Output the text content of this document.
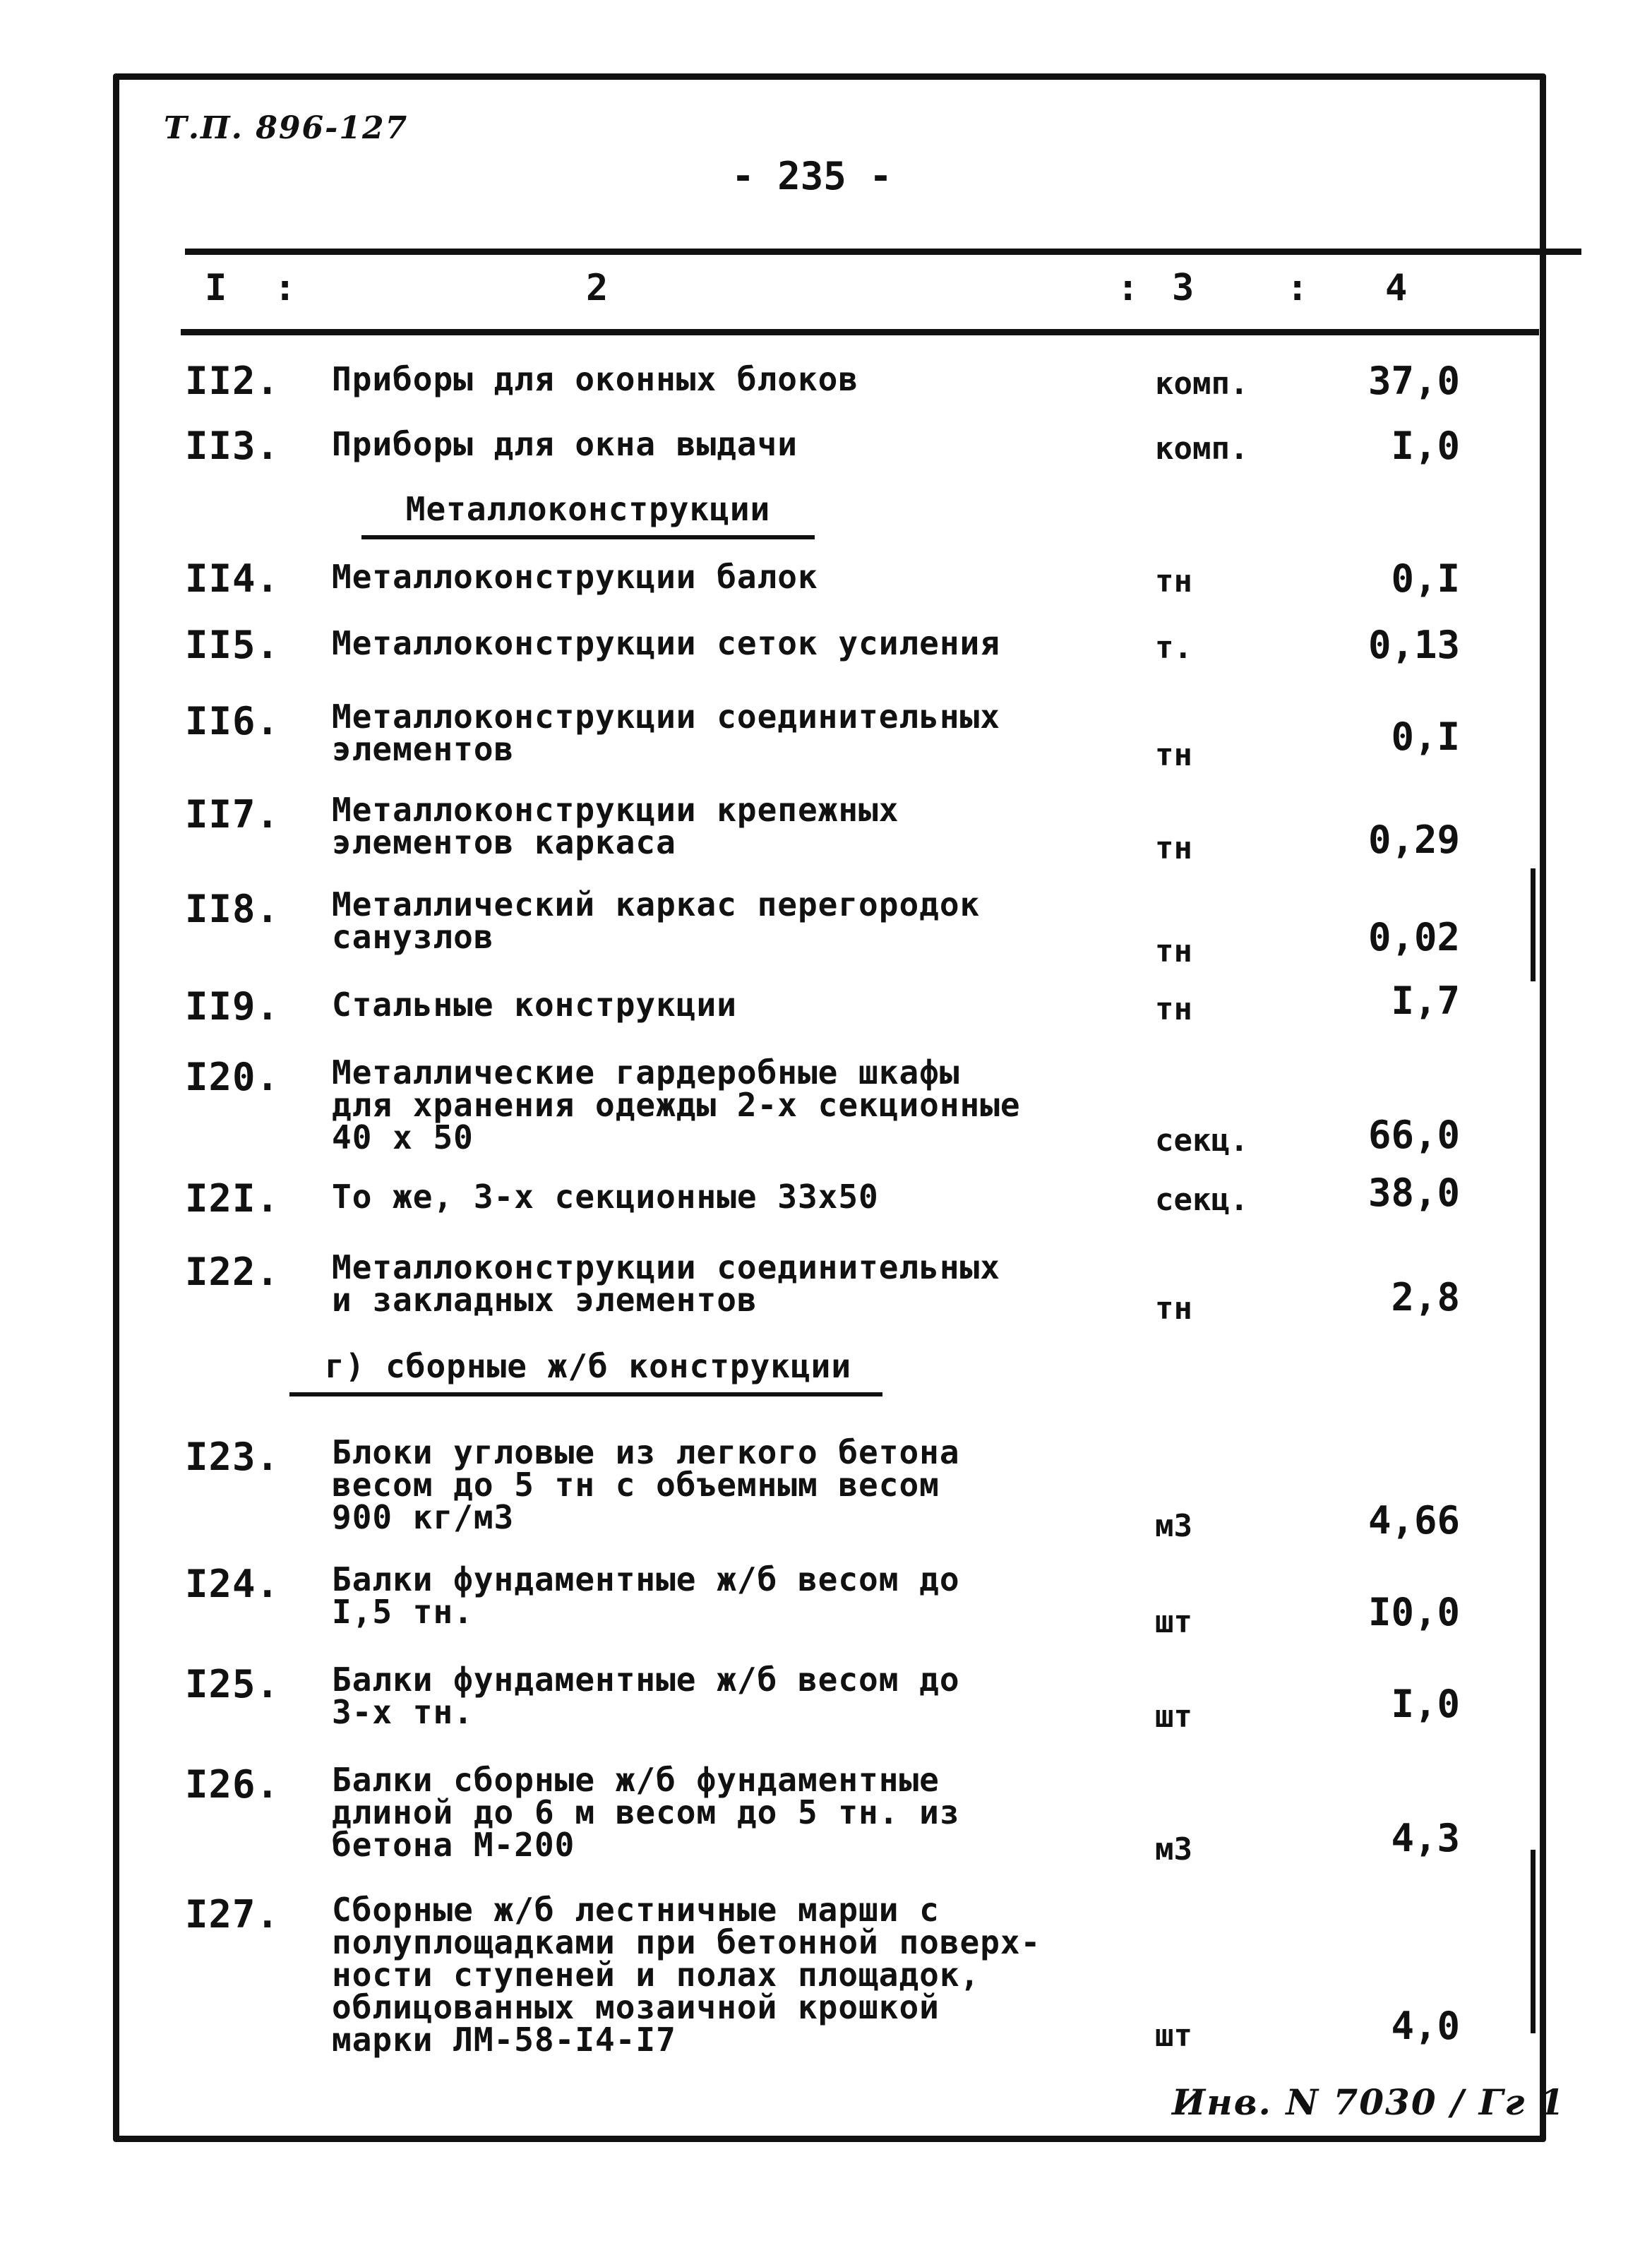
Т.П. 896-127
- 235 -
I :	2	: 3	: 4
II2. Приборы для оконных блоков	комп.	37,0
II3. Приборы для окна выдачи	комп.	I,0
Металлоконструкции
II4. Металлоконструкции балок	тн	0,I
II5. Металлоконструкции сеток усиления	т.	0,13
II6. Металлоконструкции соединительных
элементов	тн	0,I
II7. Металлоконструкции крепежных
элементов каркаса	тн	0,29
II8. Металлический каркас перегородок
санузлов	тн	0,02
II9. Стальные конструкции	тн	I,7
I20. Металлические гардеробные шкафы
для хранения одежды 2-х секционные
40 х 50	секц.	66,0
I2I. То же, 3-х секционные 33х50	секц.	38,0
I22. Металлоконструкции соединительных
и закладных элементов	тн	2,8
г) сборные ж/б конструкции
I23. Блоки угловые из легкого бетона
весом до 5 тн с объемным весом
900 кг/м3	м3	4,66
I24. Балки фундаментные ж/б весом до
I,5 тн.	шт	I0,0
I25. Балки фундаментные ж/б весом до
3-х тн.	шт	I,0
I26. Балки сборные ж/б фундаментные
длиной до 6 м весом до 5 тн. из
бетона М-200	м3	4,3
I27. Сборные ж/б лестничные марши с
полуплощадками при бетонной поверх-
ности ступеней и полах площадок,
облицованных мозаичной крошкой
марки ЛМ-58-I4-I7	шт	4,0
Инв. N 7030 / Гг 1
